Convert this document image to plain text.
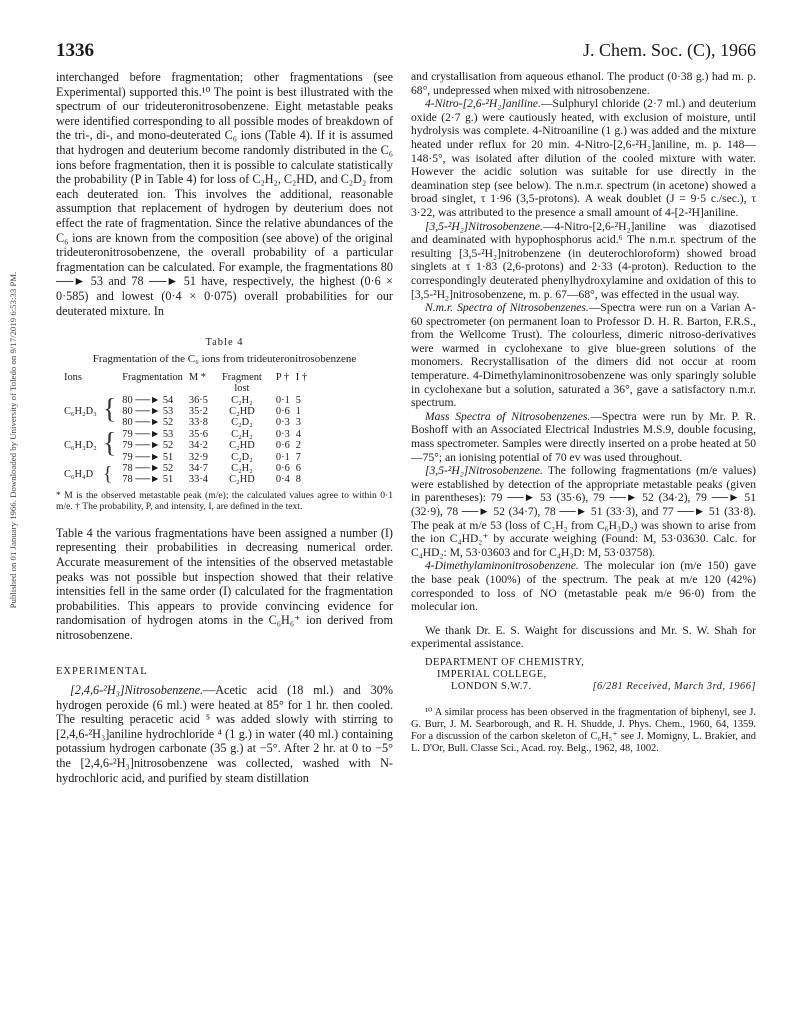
Published on 01 January 1966. Downloaded by University of Toledo on 9/17/2019 6:53:33 PM.
1336	J. Chem. Soc. (C), 1966

interchanged before fragmentation; other fragmentations (see Experimental) supported this.¹⁰ The point is best illustrated with the spectrum of our trideuteronitrosobenzene. Eight metastable peaks were identified corresponding to all possible modes of breakdown of the tri-, di-, and mono-deuterated C₆ ions (Table 4). If it is assumed that hydrogen and deuterium become randomly distributed in the C₆ ions before fragmentation, then it is possible to calculate statistically the probability (P in Table 4) for loss of C₂H₂, C₂HD, and C₂D₂ from each deuterated ion. This involves the additional, reasonable assumption that replacement of hydrogen by deuterium does not effect the rate of fragmentation. Since the relative abundances of the C₆ ions are known from the composition (see above) of the original trideuteronitrosobenzene, the overall probability of a particular fragmentation can be calculated. For example, the fragmentations 80 ──► 53 and 78 ──► 51 have, respectively, the highest (0·6 × 0·585) and lowest (0·4 × 0·075) overall probabilities for our deuterated mixture. In

Table 4
Fragmentation of the C₆ ions from trideuteronitrosobenzene
Ions		Fragmentation	M *	Fragment lost	P †	I †
C₆H₂D₃	{	80 ──► 54	36·5	C₂H₂	0·1	5
		80 ──► 53	35·2	C₂HD	0·6	1
		80 ──► 52	33·8	C₂D₂	0·3	3
C₆H₃D₂	{	79 ──► 53	35·6	C₂H₂	0·3	4
		79 ──► 52	34·2	C₂HD	0·6	2
		79 ──► 51	32·9	C₂D₂	0·1	7
C₆H₄D	{	78 ──► 52	34·7	C₂H₂	0·6	6
		78 ──► 51	33·4	C₂HD	0·4	8

* M is the observed metastable peak (m/e); the calculated values agree to within 0·1 m/e. † The probability, P, and intensity, I, are defined in the text.

Table 4 the various fragmentations have been assigned a number (I) representing their probabilities in decreasing numerical order. Accurate measurement of the intensities of the observed metastable peaks was not possible but inspection showed that their relative intensities fell in the same order (I) calculated for the fragmentation probabilities. This appears to provide convincing evidence for randomisation of hydrogen atoms in the C₆H₆⁺ ion derived from nitrosobenzene.

EXPERIMENTAL

[2,4,6-²H₃]Nitrosobenzene.—Acetic acid (18 ml.) and 30% hydrogen peroxide (6 ml.) were heated at 85° for 1 hr. then cooled. The resulting peracetic acid ⁵ was added slowly with stirring to [2,4,6-²H₃]aniline hydrochloride ⁴ (1 g.) in water (40 ml.) containing potassium hydrogen carbonate (35 g.) at −5°. After 2 hr. at 0 to −5° the [2,4,6-²H₃]nitrosobenzene was collected, washed with N-hydrochloric acid, and purified by steam distillation

and crystallisation from aqueous ethanol. The product (0·38 g.) had m. p. 68°, undepressed when mixed with nitrosobenzene.

4-Nitro-[2,6-²H₂]aniline.—Sulphuryl chloride (2·7 ml.) and deuterium oxide (2·7 g.) were cautiously heated, with exclusion of moisture, until hydrolysis was complete. 4-Nitroaniline (1 g.) was added and the mixture heated under reflux for 20 min. 4-Nitro-[2,6-²H₂]aniline, m. p. 148—148·5°, was isolated after dilution of the cooled mixture with water. However the acidic solution was suitable for use directly in the deamination step (see below). The n.m.r. spectrum (in acetone) showed a broad singlet, τ 1·96 (3,5-protons). A weak doublet (J = 9·5 c./sec.), τ 3·22, was attributed to the presence a small amount of 4-[2-²H]aniline.

[3,5-²H₂]Nitrosobenzene.—4-Nitro-[2,6-²H₂]aniline was diazotised and deaminated with hypophosphorus acid.⁶ The n.m.r. spectrum of the resulting [3,5-²H₂]nitrobenzene (in deuterochloroform) showed broad singlets at τ 1·83 (2,6-protons) and 2·33 (4-proton). Reduction to the correspondingly deuterated phenylhydroxylamine and oxidation of this to [3,5-²H₂]nitrosobenzene, m. p. 67—68°, was effected in the usual way.

N.m.r. Spectra of Nitrosobenzenes.—Spectra were run on a Varian A-60 spectrometer (on permanent loan to Professor D. H. R. Barton, F.R.S., from the Wellcome Trust). The colourless, dimeric nitroso-derivatives were warmed in cyclohexane to give blue-green solutions of the monomers. Recrystallisation of the dimers did not occur at room temperature. 4-Dimethylaminonitrosobenzene was only sparingly soluble in cyclohexane but a solution, saturated a 36°, gave a satisfactory n.m.r. spectrum.

Mass Spectra of Nitrosobenzenes.—Spectra were run by Mr. P. R. Boshoff with an Associated Electrical Industries M.S.9, double focusing, mass spectrometer. Samples were directly inserted on a probe heated at 50—75°; an ionising potential of 70 ev was used throughout.

[3,5-²H₂]Nitrosobenzene. The following fragmentations (m/e values) were established by detection of the appropriate metastable peaks (given in parentheses): 79 ──► 53 (35·6), 79 ──► 52 (34·2), 79 ──► 51 (32·9), 78 ──► 52 (34·7), 78 ──► 51 (33·3), and 77 ──► 51 (33·8). The peak at m/e 53 (loss of C₂H₂ from C₆H₃D₂) was shown to arise from the ion C₄HD₂⁺ by accurate weighing (Found: M, 53·03630. Calc. for C₄HD₂: M, 53·03603 and for C₄H₃D: M, 53·03758).

4-Dimethylaminonitrosobenzene. The molecular ion (m/e 150) gave the base peak (100%) of the spectrum. The peak at m/e 120 (42%) corresponded to loss of NO (metastable peak m/e 96·0) from the molecular ion.

We thank Dr. E. S. Waight for discussions and Mr. S. W. Shah for experimental assistance.

DEPARTMENT OF CHEMISTRY,
IMPERIAL COLLEGE,
LONDON S.W.7.	[6/281 Received, March 3rd, 1966]

¹⁰ A similar process has been observed in the fragmentation of biphenyl, see J. G. Burr, J. M. Searborough, and R. H. Shudde, J. Phys. Chem., 1960, 64, 1359. For a discussion of the carbon skeleton of C₆H₅⁺ see J. Momigny, L. Brakier, and L. D'Or, Bull. Classe Sci., Acad. roy. Belg., 1962, 48, 1002.
